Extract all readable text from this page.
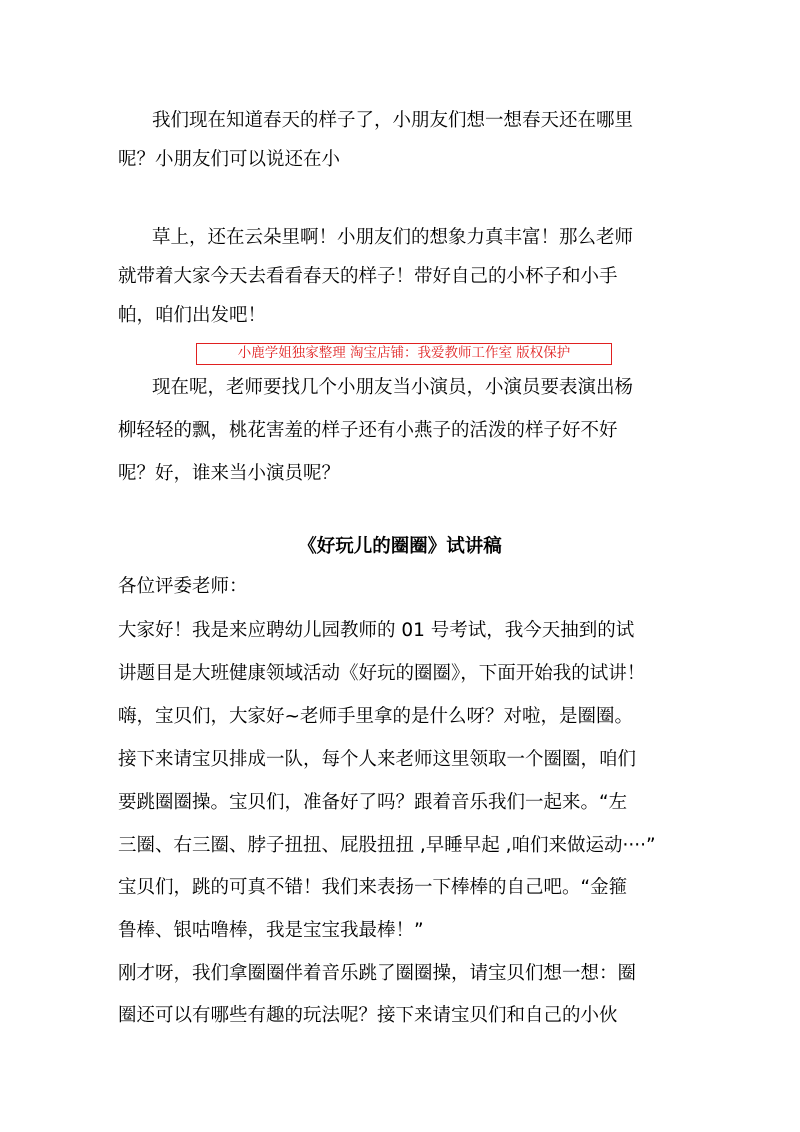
我们现在知道春天的样子了，小朋友们想一想春天还在哪里
呢？小朋友们可以说还在小
草上，还在云朵里啊！小朋友们的想象力真丰富！那么老师
就带着大家今天去看看春天的样子！带好自己的小杯子和小手
帕，咱们出发吧！
小鹿学姐独家整理 淘宝店铺：我爱教师工作室 版权保护
现在呢，老师要找几个小朋友当小演员，小演员要表演出杨
柳轻轻的飘，桃花害羞的样子还有小燕子的活泼的样子好不好
呢？好，谁来当小演员呢？
《好玩儿的圈圈》试讲稿
各位评委老师：
大家好！我是来应聘幼儿园教师的 01 号考试，我今天抽到的试
讲题目是大班健康领域活动《好玩的圈圈》，下面开始我的试讲！
嗨，宝贝们，大家好~老师手里拿的是什么呀？对啦，是圈圈。
接下来请宝贝排成一队，每个人来老师这里领取一个圈圈，咱们
要跳圈圈操。宝贝们，准备好了吗？跟着音乐我们一起来。“左
三圈、右三圈、脖子扭扭、屁股扭扭 ,早睡早起 ,咱们来做运动····”
宝贝们，跳的可真不错！我们来表扬一下棒棒的自己吧。“金箍
鲁棒、银咕噜棒，我是宝宝我最棒！”
刚才呀，我们拿圈圈伴着音乐跳了圈圈操，请宝贝们想一想：圈
圈还可以有哪些有趣的玩法呢？接下来请宝贝们和自己的小伙
